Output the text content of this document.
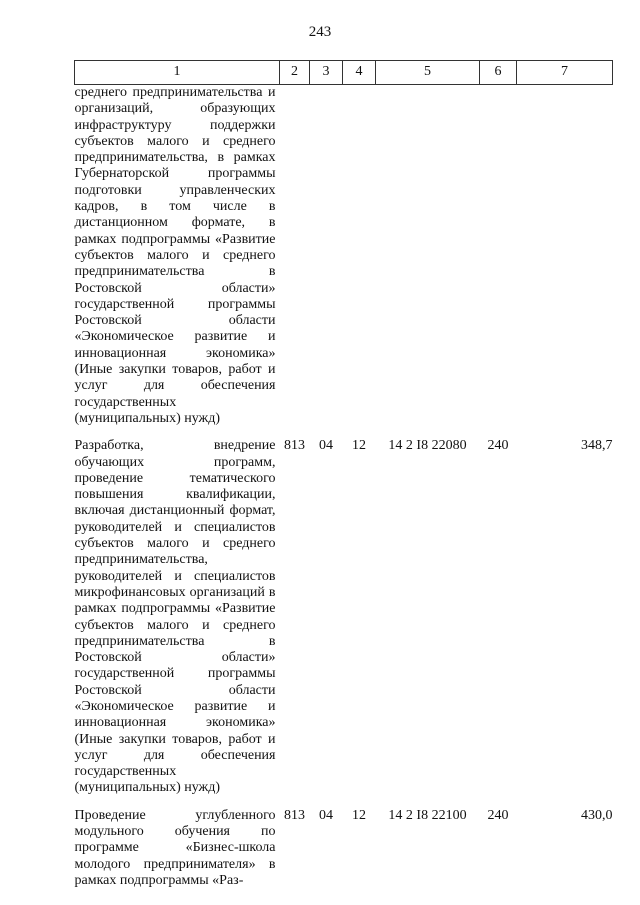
243
1	2	3	4	5	6	7
среднего предпринимательства и организаций, образующих инфраструктуру поддержки субъектов малого и среднего предпринимательства, в рамках Губернаторской программы подготовки управленческих кадров, в том числе в дистанционном формате, в рамках подпрограммы «Развитие субъектов малого и среднего предпринимательства в Ростовской области» государственной программы Ростовской области «Экономическое развитие и инновационная экономика» (Иные закупки товаров, работ и услуг для обеспечения государственных (муниципальных) нужд)						
Разработка, внедрение обучающих программ, проведение тематического повышения квалификации, включая дистанционный формат, руководителей и специалистов субъектов малого и среднего предпринимательства, руководителей и специалистов микрофинансовых организаций в рамках подпрограммы «Развитие субъектов малого и среднего предпринимательства в Ростовской области» государственной программы Ростовской области «Экономическое развитие и инновационная экономика» (Иные закупки товаров, работ и услуг для обеспечения государственных (муниципальных) нужд)	813	04	12	14 2 I8 22080	240	348,7
Проведение углубленного модульного обучения по программе «Бизнес-школа молодого предпринимателя» в рамках подпрограммы «Раз-	813	04	12	14 2 I8 22100	240	430,0
